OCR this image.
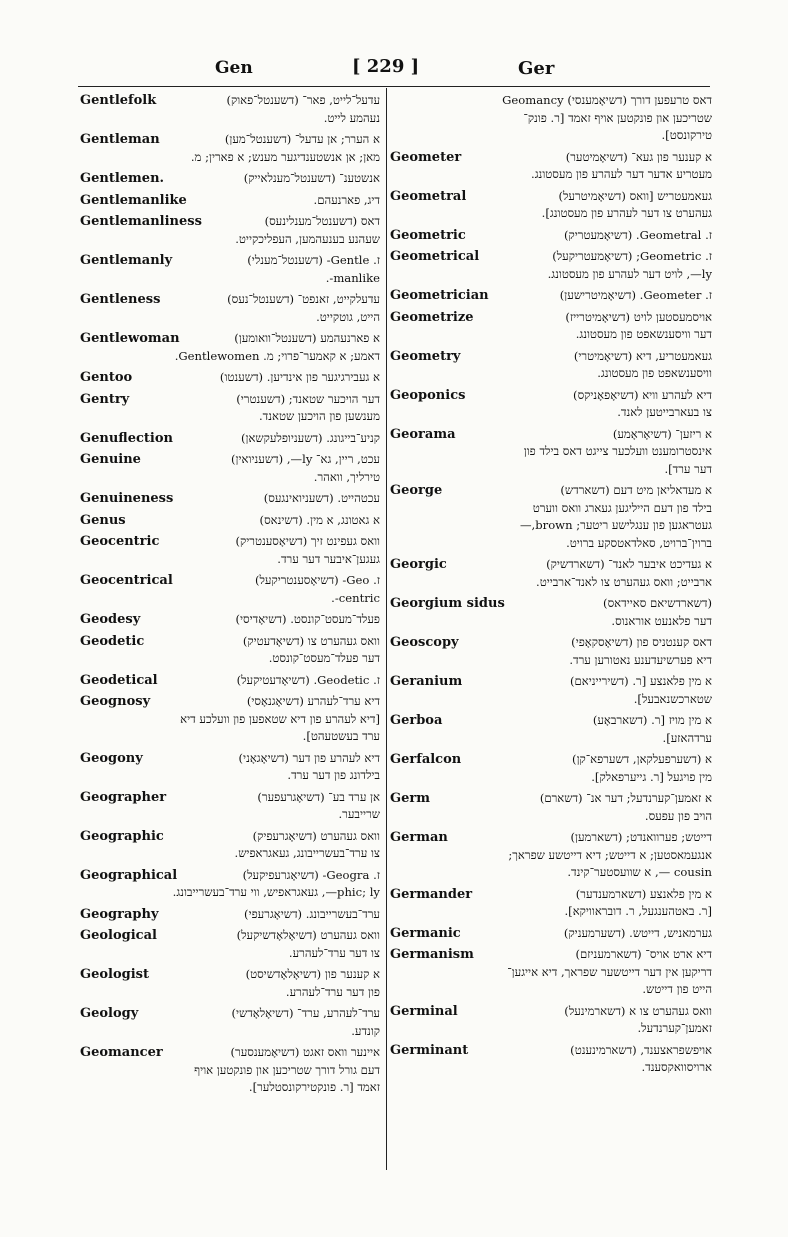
Gen	[ 229 ]	Ger
Gentlefolk	עדעל־לייט, פאר־ (דשענטל־פאוק)
נעהמע לייט.
Gentleman	א הערר; אן עדעל־ (דשענטל־מען)
מאן; אן אנשטענדיגער מענש; א פארין; מ.
Gentlemen.	אנשטענ־ (דשענטל־מענלאייק)
Gentlemanlike	דיג, פארנעהם.
Gentlemanliness	דאס (דשענטל־מענלינעס)
שעהנע בענעהמען, העפליכקייט.
Gentlemanly	ז. Gentle- (דשענטל־מענלי)
manlike-.
Gentleness	עדעלקייט, זאנפט־ (דשענטל־נעס)
הייט, גוטקייט.
Gentlewoman	א פארנעהמע (דשענטל־וואומען)
דאמע; א קאמער־פרוי; מ. Gentlewomen.
Gentoo	א געבירגיגער פון אינדיען. (דשענטו)
Gentry	דער הויכער שטאנד; (דשענטרי)
מענשען פון הויכען שטאנד.
Genuflection	קניע־בייגונג. (דשעניופלעקשאן)
Genuine	עכט, ריין, גא־ ly—, (דשעניואין)
טירליך, וואהר.
Genuineness	עכטהייט. (דשעניואינגעס)
Genus	א גאטונג, א מין. (דשינאס)
Geocentric	וואס געפינט זיך (דשיאָסענטריק)
געגען־איבער דער ערד.
Geocentrical	ז. Geo- (דשיאָסענטריקעל)
centric-.
Geodesy	פעלד־מעסט־קונסט. (דשיאָדיסי)
Geodetic	וואס געהערט צו (דשיאָדעטיק)
דער פעלד־מעסט־קונסט.
Geodetical	ז. Geodetic. (דשיאָדעטיקעל)
Geognosy	דיא ערד־לעהרע (דשיאָגנאָסי)
[דיא לעהרע פון דיא שטאפען פון וועלכע דיא
ערד בעשטעהט].
Geogony	דיא לעהרע פון דער (דשיאָגאָני)
בילדונג פון דער ערד.
Geographer	אן ערד בע־ (דשיאָגרעפער)
שרייבער.
Geographic	וואס געהערט (דשיאָגרעפיק)
צו ערד־בעשרייבונג, געאגראפיש.
Geographical	ז. Geogra- (דשיאָגרעפיקעל)
phic; ly—, געאגראפיש, ווי ערד־בעשרייבונג.
Geography	ערד־בעשרייבונג. (דשיאָגרעפי)
Geological	וואס געהערט (דשיאָלאָדשיקעל)
צו דער ערד־לעהרע.
Geologist	א קענער פון (דשיאָלאָדשיסט)
פון דער ערד־לעהרע.
Geology	ערד־לעהרע, ערד־ (דשיאָלאָדשי)
קונדע.
Geomancer	איינער וואס זאגט (דשיאָמענסער)
דעם גורל דורך שטריכען און פונקטען אויף
זאמד [ר. פונקטירקונסטלער].
דאס טרעפען דורך (דשיאָמענסי) Geomancy
שטריכען און פונקטען אויף זאמד [ר. פונק־
טירקונסט].
Geometer	א קענער פון געא־ (דשיאָמיטער)
מעטריע אדער דער לעהרע פון מעסטונג.
Geometral	געאמעטריש [וואס (דשיאָמיטרעל)
געהערט צו דער לעהרע פון מעסטונג].
Geometric	ז. Geometral. (דשיאָמעטריק)
Geometrical	ז. Geometric; (דשיאָמעטריקעל)
ly—, לויט דער לעהרע פון מעסטונג.
Geometrician	ז. Geometer. (דשיאָמיטרישען)
Geometrize	אויסמעסטען לויט (דשיאָמיטרייז)
דער וויסענשאפט פון מעסטונג.
Geometry	געאמעטריע, דיא (דשיאָמיטרי)
וויסענשאפט פון מעסטונג.
Geoponics	דיא לעהרע וויא (דשיאָפאָניקס)
צו בעארבייטען לאנד.
Georama	א ריזען־ (דשיאָראָמע)
אינסטרומענט וועלכער צייגט דאס בילד פון
דער ערד].
George	א מעדאליאן מיט דעם (דשארדש)
בילד פון דעם הייליגען געארג וואס ווערט
געטראגען פון ענגלישע ריטער; brown,—
ברוין־ברויט, סאלדאטסקע ברויט.
Georgic	א געדיכט איבער לאנד־ (דשארדשיק)
ארבייט; וואס געהערט צו לאנד־ארבייט.
Georgium sidus	(דשארדשיאם סאיידאס)
דער פלאנעט אוראנוס.
Geoscopy	דאס קענטניס פון (דשיאָסקאָפי)
דיא פערשיעדענע נאטורען ערד.
Geranium	א מין פלאנצע [ר. (דשירייניאם)
שטארכשנאבעל].
Gerboa	א מין מויז [ר. (דשארבאָע)
ערדהאזע].
Gerfalcon	א (דשערפעלקאן, דשערפא־קן)
מין פויגעל [ר. גייערפאלק].
Germ	א זאמען־קערנדעל; דער אנ־ (דשארם)
הויב פון עפעס.
German	דייטש; פערוואנדט; (דשארמען)
אנגעמאסטען; א דייטש; דיא דייטשע שפראך;
cousin —, א שוועסטער־קינד.
Germander	א מין פלאנצע (דשארמענדער)
[ר. באטהענגעל, ר. דובראוויקא].
Germanic	גערמאניש, דייטש. (דשערמעניק)
Germanism	דיא ארט אויס־ (דשארמעניזם)
דריקען אין דער דייטשער שפראך, דיא אייגען־
הייט פון דייטש.
Germinal	וואס געהערט צו א (דשארמינעל)
זאמען־קערנדעל.
Germinant	אויפשפראצענד, (דשארמינענט)
ארויסוואקסענד.
